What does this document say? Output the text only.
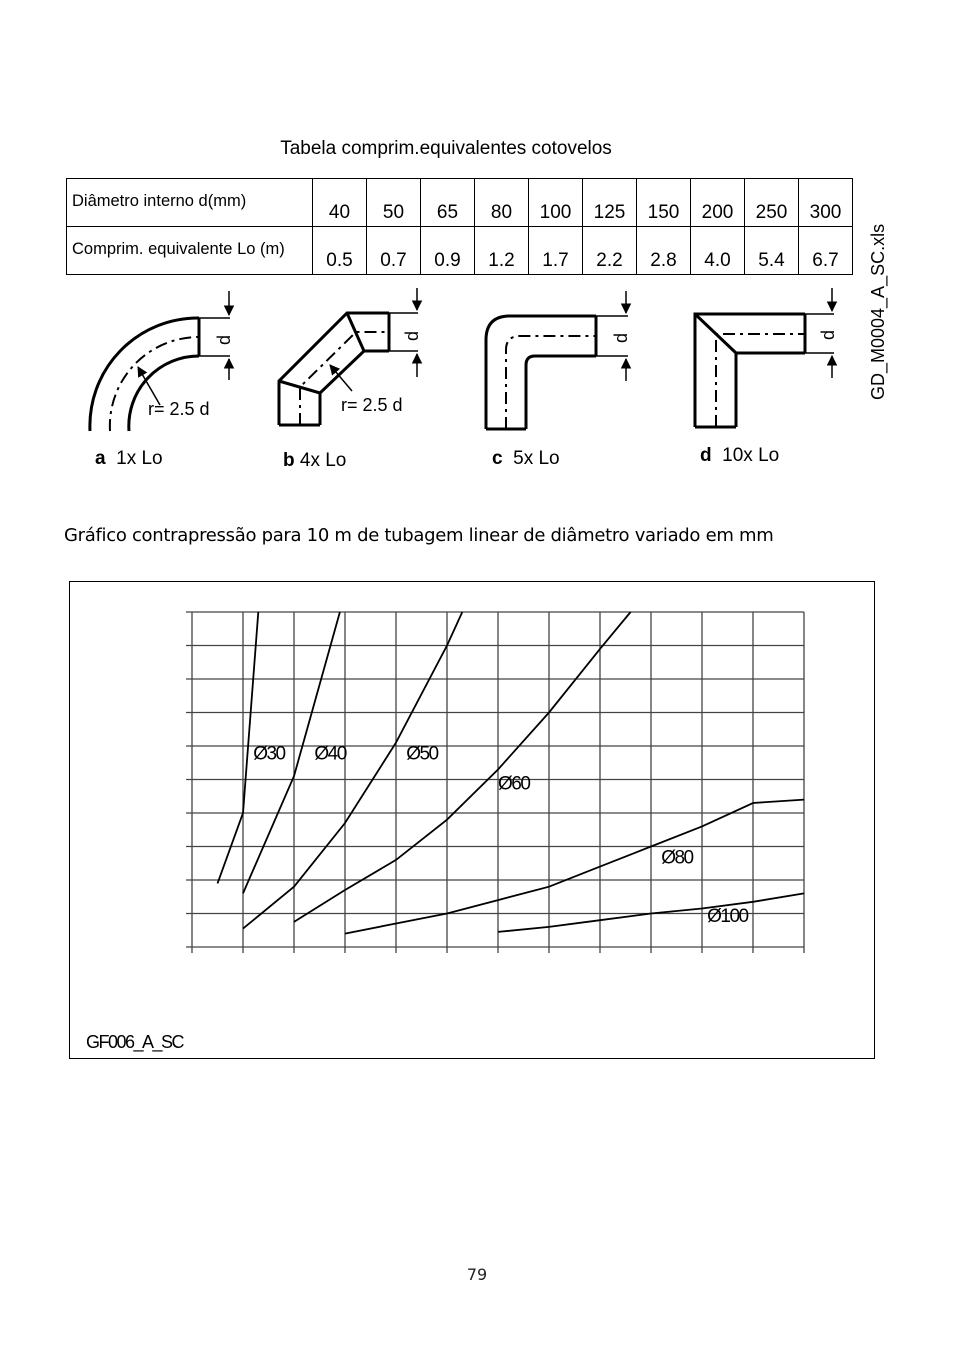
Tabela comprim.equivalentes cotovelos
Diâmetro interno d(mm)	40	50	65	80	100	125	150	200	250	300
Comprim. equivalente Lo (m)	0.5	0.7	0.9	1.2	1.7	2.2	2.8	4.0	5.4	6.7 GD_M0004_A_SC.xls
r= 2.5 d	r= 2.5 d
d	d	d	d
a 1x Lo	b 4x Lo	c 5x Lo	d 10x Lo
Gráfico contrapressão para 10 m de tubagem linear de diâmetro variado em mm
Ø30 Ø40	Ø50
Ø60
Ø80
Ø100
GF006_A_SC
79
